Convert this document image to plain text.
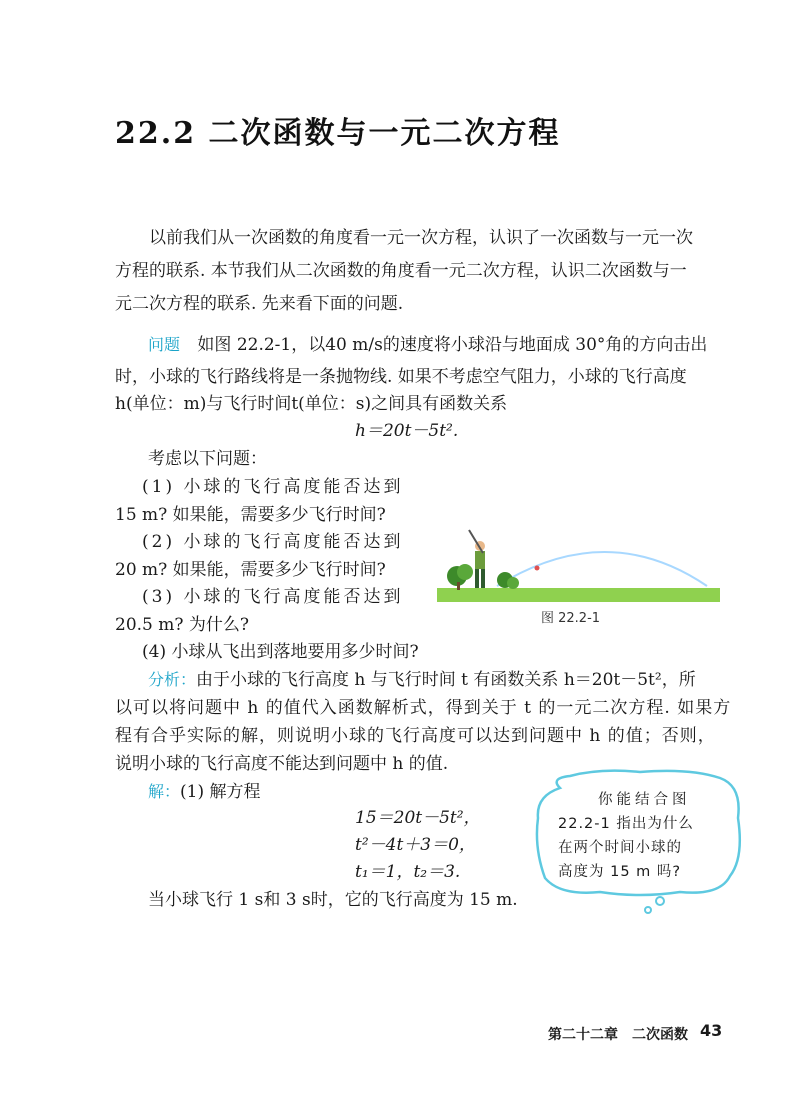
22.2 二次函数与一元二次方程
以前我们从一次函数的角度看一元一次方程，认识了一次函数与一元一次
方程的联系. 本节我们从二次函数的角度看一元二次方程，认识二次函数与一
元二次方程的联系. 先来看下面的问题.
问题 如图 22.2-1，以40 m/s的速度将小球沿与地面成 30°角的方向击出
时，小球的飞行路线将是一条抛物线. 如果不考虑空气阻力，小球的飞行高度
h(单位：m)与飞行时间t(单位：s)之间具有函数关系
h＝20t－5t².
考虑以下问题：
(1) 小球的飞行高度能否达到
15 m? 如果能，需要多少飞行时间?
(2) 小球的飞行高度能否达到
20 m? 如果能，需要多少飞行时间?
(3) 小球的飞行高度能否达到
20.5 m? 为什么?
(4) 小球从飞出到落地要用多少时间?
图 22.2-1
分析：由于小球的飞行高度 h 与飞行时间 t 有函数关系 h＝20t－5t²，所
以可以将问题中 h 的值代入函数解析式，得到关于 t 的一元二次方程. 如果方
程有合乎实际的解，则说明小球的飞行高度可以达到问题中 h 的值；否则，
说明小球的飞行高度不能达到问题中 h 的值.
解：(1) 解方程
15＝20t－5t²，
t²－4t＋3＝0，
t₁＝1，t₂＝3.
当小球飞行 1 s和 3 s时，它的飞行高度为 15 m.
你能结合图
22.2-1 指出为什么
在两个时间小球的
高度为 15 m 吗?
第二十二章　二次函数 43
